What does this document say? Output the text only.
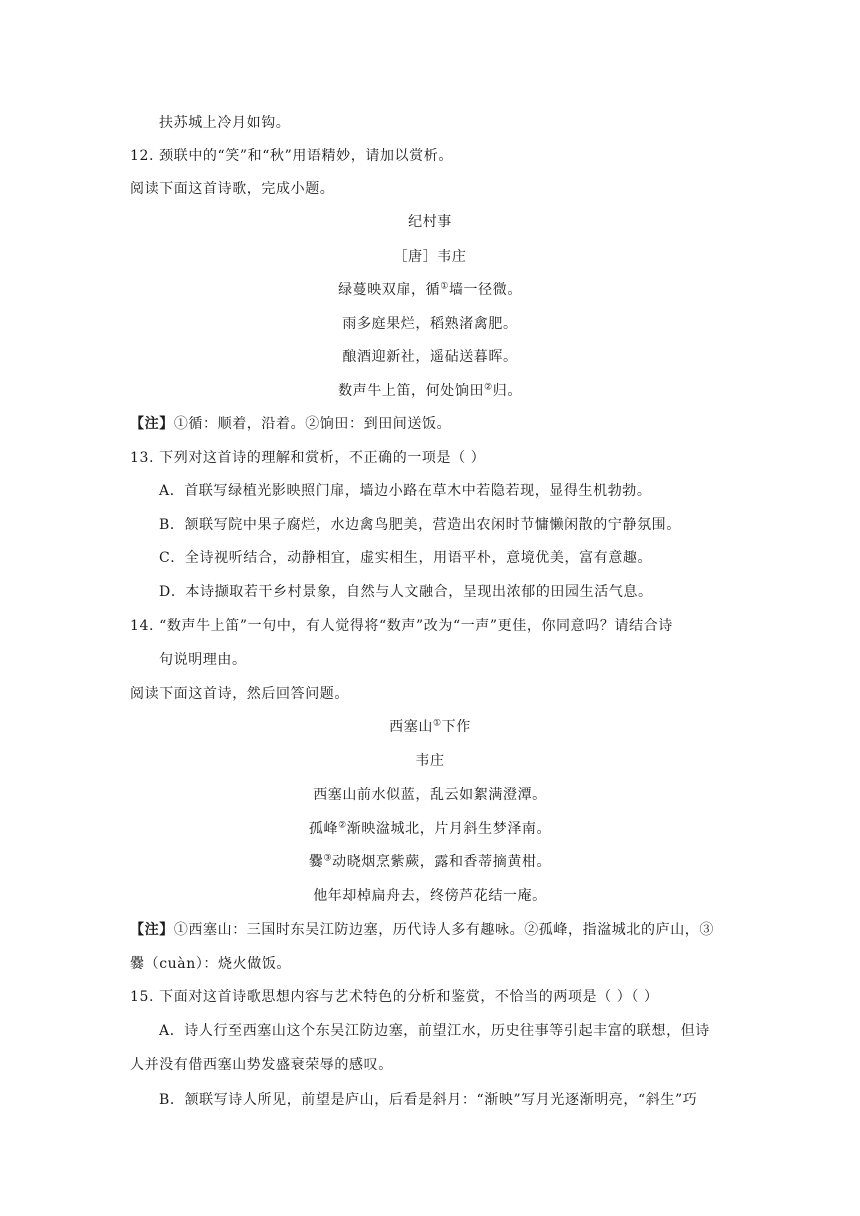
扶苏城上冷月如钩。
12. 颈联中的“笑”和“秋”用语精妙，请加以赏析。
阅读下面这首诗歌，完成小题。
纪村事
［唐］韦庄
绿蔓映双扉，循①墙一径微。
雨多庭果烂，稻熟渚禽肥。
酿酒迎新社，遥砧送暮晖。
数声牛上笛，何处饷田②归。
【注】①循：顺着，沿着。②饷田：到田间送饭。
13. 下列对这首诗的理解和赏析，不正确的一项是（ ）
A．首联写绿植光影映照门扉，墙边小路在草木中若隐若现，显得生机勃勃。
B．颔联写院中果子腐烂，水边禽鸟肥美，营造出农闲时节慵懒闲散的宁静氛围。
C．全诗视听结合，动静相宜，虚实相生，用语平朴，意境优美，富有意趣。
D．本诗撷取若干乡村景象，自然与人文融合，呈现出浓郁的田园生活气息。
14. “数声牛上笛”一句中，有人觉得将“数声”改为“一声”更佳，你同意吗？请结合诗
句说明理由。
阅读下面这首诗，然后回答问题。
西塞山①下作
韦庄
西塞山前水似蓝，乱云如絮满澄潭。
孤峰②渐映湓城北，片月斜生梦泽南。
爨③动晓烟烹紫蕨，露和香蒂摘黄柑。
他年却棹扁舟去，终傍芦花结一庵。
【注】①西塞山：三国时东吴江防边塞，历代诗人多有趣咏。②孤峰，指湓城北的庐山，③
爨（cuàn）：烧火做饭。
15. 下面对这首诗歌思想内容与艺术特色的分析和鉴赏，不恰当的两项是（ ）（ ）
A．诗人行至西塞山这个东吴江防边塞，前望江水，历史往事等引起丰富的联想，但诗
人并没有借西塞山势发盛衰荣辱的感叹。
B．颔联写诗人所见，前望是庐山，后看是斜月：“渐映”写月光逐渐明亮，“斜生”巧
